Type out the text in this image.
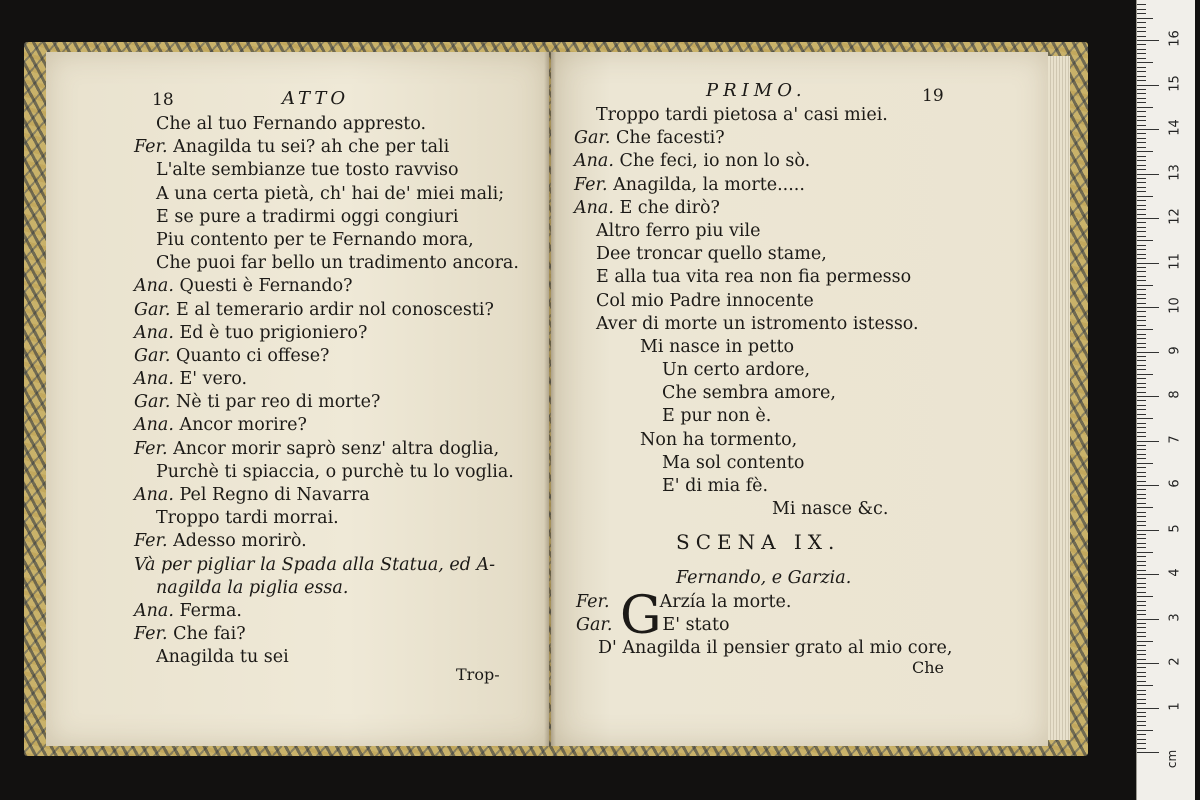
18	ATTO
Che al tuo Fernando appresto.
Fer. Anagilda tu sei? ah che per tali
L'alte sembianze tue tosto ravviso
A una certa pietà, ch' hai de' miei mali;
E se pure a tradirmi oggi congiuri
Piu contento per te Fernando mora,
Che puoi far bello un tradimento ancora.
Ana. Questi è Fernando?
Gar. E al temerario ardir nol conoscesti?
Ana. Ed è tuo prigioniero?
Gar. Quanto ci offese?
Ana. E' vero.
Gar. Nè ti par reo di morte?
Ana. Ancor morire?
Fer. Ancor morir saprò senz' altra doglia,
Purchè ti spiaccia, o purchè tu lo voglia.
Ana. Pel Regno di Navarra
Troppo tardi morrai.
Fer. Adesso morirò.
Và per pigliar la Spada alla Statua, ed A-
nagilda la piglia essa.
Ana. Ferma.
Fer. Che fai?
Anagilda tu sei
Trop-
PRIMO.	19
Troppo tardi pietosa a' casi miei.
Gar. Che facesti?
Ana. Che feci, io non lo sò.
Fer. Anagilda, la morte.....
Ana. E che dirò?
Altro ferro piu vile
Dee troncar quello stame,
E alla tua vita rea non fia permesso
Col mio Padre innocente
Aver di morte un istromento istesso.
Mi nasce in petto
Un certo ardore,
Che sembra amore,
E pur non è.
Non ha tormento,
Ma sol contento
E' di mia fè.
Mi nasce &c.
SCENA IX.
Fernando, e Garzia.
G
Fer.	Arzía la morte.
Gar.	E' stato
D' Anagilda il pensier grato al mio core,
Che
cm
1
2
3
4
5
6
7
8
9
10
11
12
13
14
15
16
